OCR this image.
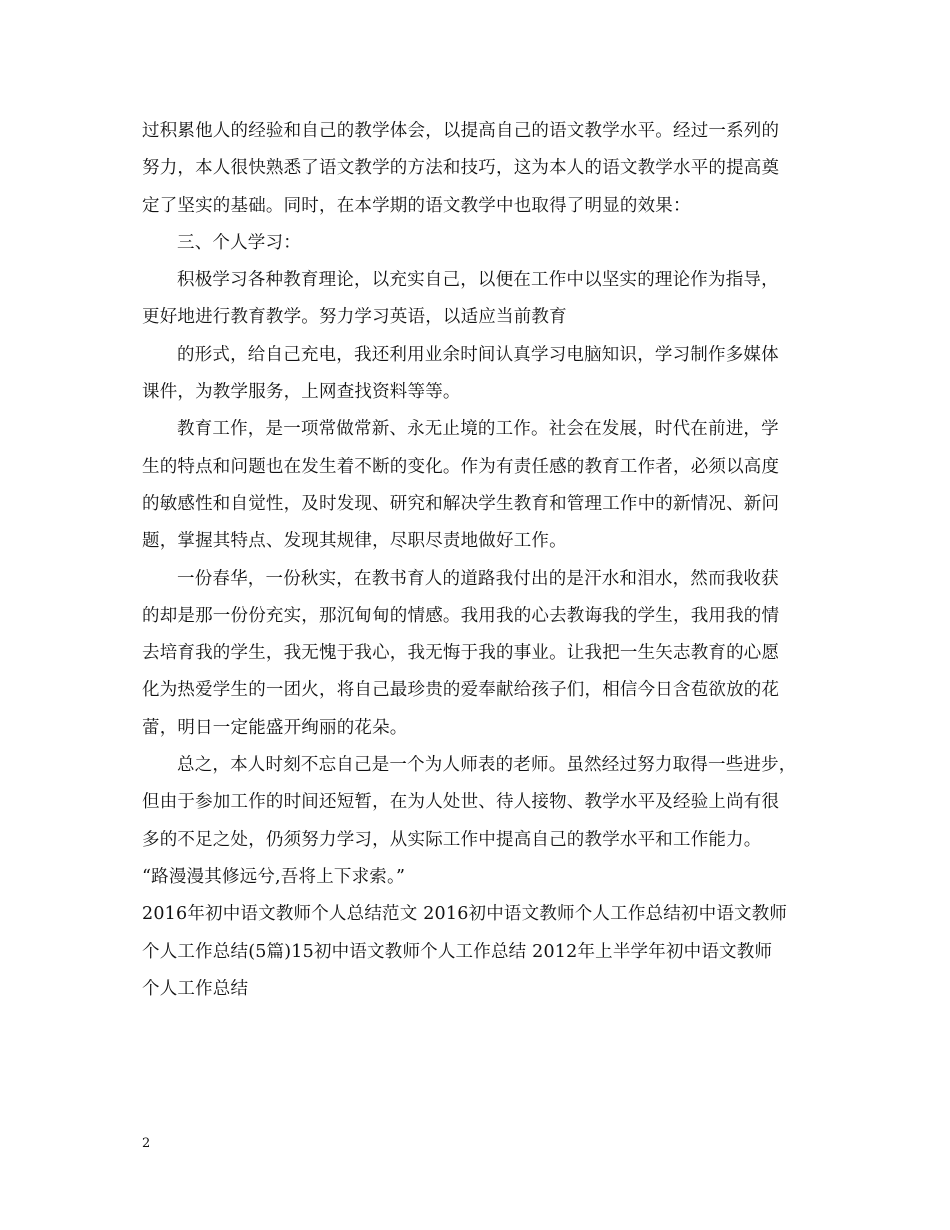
过积累他人的经验和自己的教学体会，以提高自己的语文教学水平。经过一系列的
努力，本人很快熟悉了语文教学的方法和技巧，这为本人的语文教学水平的提高奠
定了坚实的基础。同时，在本学期的语文教学中也取得了明显的效果：
三、个人学习：
积极学习各种教育理论，以充实自己，以便在工作中以坚实的理论作为指导，
更好地进行教育教学。努力学习英语，以适应当前教育
的形式，给自己充电，我还利用业余时间认真学习电脑知识，学习制作多媒体
课件，为教学服务，上网查找资料等等。
教育工作，是一项常做常新、永无止境的工作。社会在发展，时代在前进，学
生的特点和问题也在发生着不断的变化。作为有责任感的教育工作者，必须以高度
的敏感性和自觉性，及时发现、研究和解决学生教育和管理工作中的新情况、新问
题，掌握其特点、发现其规律，尽职尽责地做好工作。
一份春华，一份秋实，在教书育人的道路我付出的是汗水和泪水，然而我收获
的却是那一份份充实，那沉甸甸的情感。我用我的心去教诲我的学生，我用我的情
去培育我的学生，我无愧于我心，我无悔于我的事业。让我把一生矢志教育的心愿
化为热爱学生的一团火，将自己最珍贵的爱奉献给孩子们，相信今日含苞欲放的花
蕾，明日一定能盛开绚丽的花朵。
总之，本人时刻不忘自己是一个为人师表的老师。虽然经过努力取得一些进步，
但由于参加工作的时间还短暂，在为人处世、待人接物、教学水平及经验上尚有很
多的不足之处，仍须努力学习，从实际工作中提高自己的教学水平和工作能力。
“路漫漫其修远兮,吾将上下求索。”
2016年初中语文教师个人总结范文 2016初中语文教师个人工作总结初中语文教师
个人工作总结(5篇)15初中语文教师个人工作总结 2012年上半学年初中语文教师
个人工作总结
2
